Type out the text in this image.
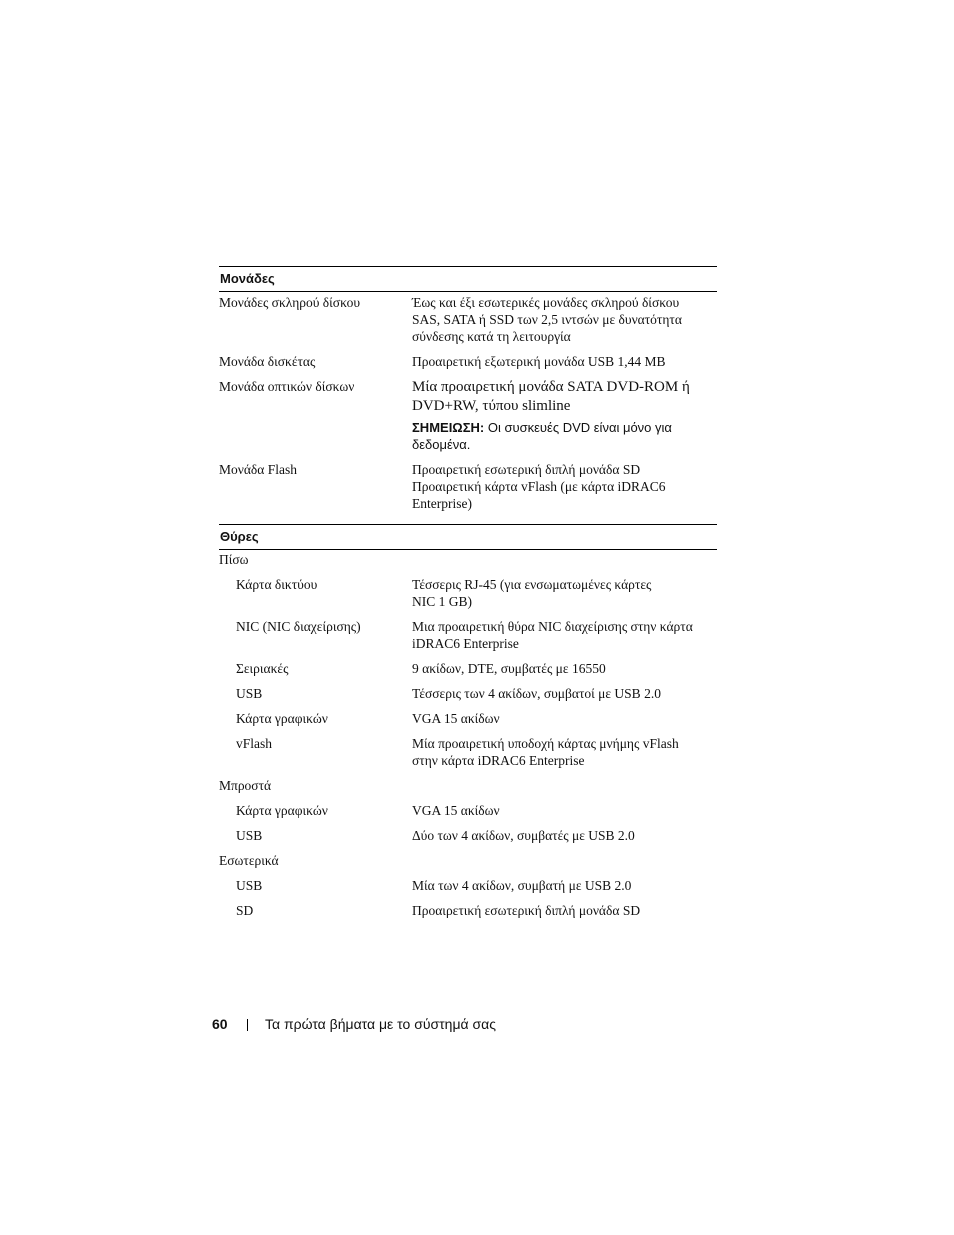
Μονάδες
Μονάδες σκληρού δίσκου	Έως και έξι εσωτερικές μονάδες σκληρού δίσκου
SAS, SATA ή SSD των 2,5 ιντσών με δυνατότητα
σύνδεσης κατά τη λειτουργία
Μονάδα δισκέτας	Προαιρετική εξωτερική μονάδα USB 1,44 MB
Μονάδα οπτικών δίσκων	Μία προαιρετική μονάδα SATA DVD-ROM ή
DVD+RW, τύπου slimline
ΣΗΜΕΙΩΣΗ: Οι συσκευές DVD είναι μόνο για
δεδομένα.
Μονάδα Flash	Προαιρετική εσωτερική διπλή μονάδα SD
Προαιρετική κάρτα vFlash (με κάρτα iDRAC6
Enterprise)
Θύρες
Πίσω
Κάρτα δικτύου	Τέσσερις RJ-45 (για ενσωματωμένες κάρτες
NIC 1 GB)
NIC (NIC διαχείρισης)	Μια προαιρετική θύρα NIC διαχείρισης στην κάρτα
iDRAC6 Enterprise
Σειριακές	9 ακίδων, DTE, συμβατές με 16550
USB	Τέσσερις των 4 ακίδων, συμβατοί με USB 2.0
Κάρτα γραφικών	VGA 15 ακίδων
vFlash	Μία προαιρετική υποδοχή κάρτας μνήμης vFlash
στην κάρτα iDRAC6 Enterprise
Μπροστά
Κάρτα γραφικών	VGA 15 ακίδων
USB	Δύο των 4 ακίδων, συμβατές με USB 2.0
Εσωτερικά
USB	Μία των 4 ακίδων, συμβατή με USB 2.0
SD	Προαιρετική εσωτερική διπλή μονάδα SD
60	Τα πρώτα βήματα με το σύστημά σας
